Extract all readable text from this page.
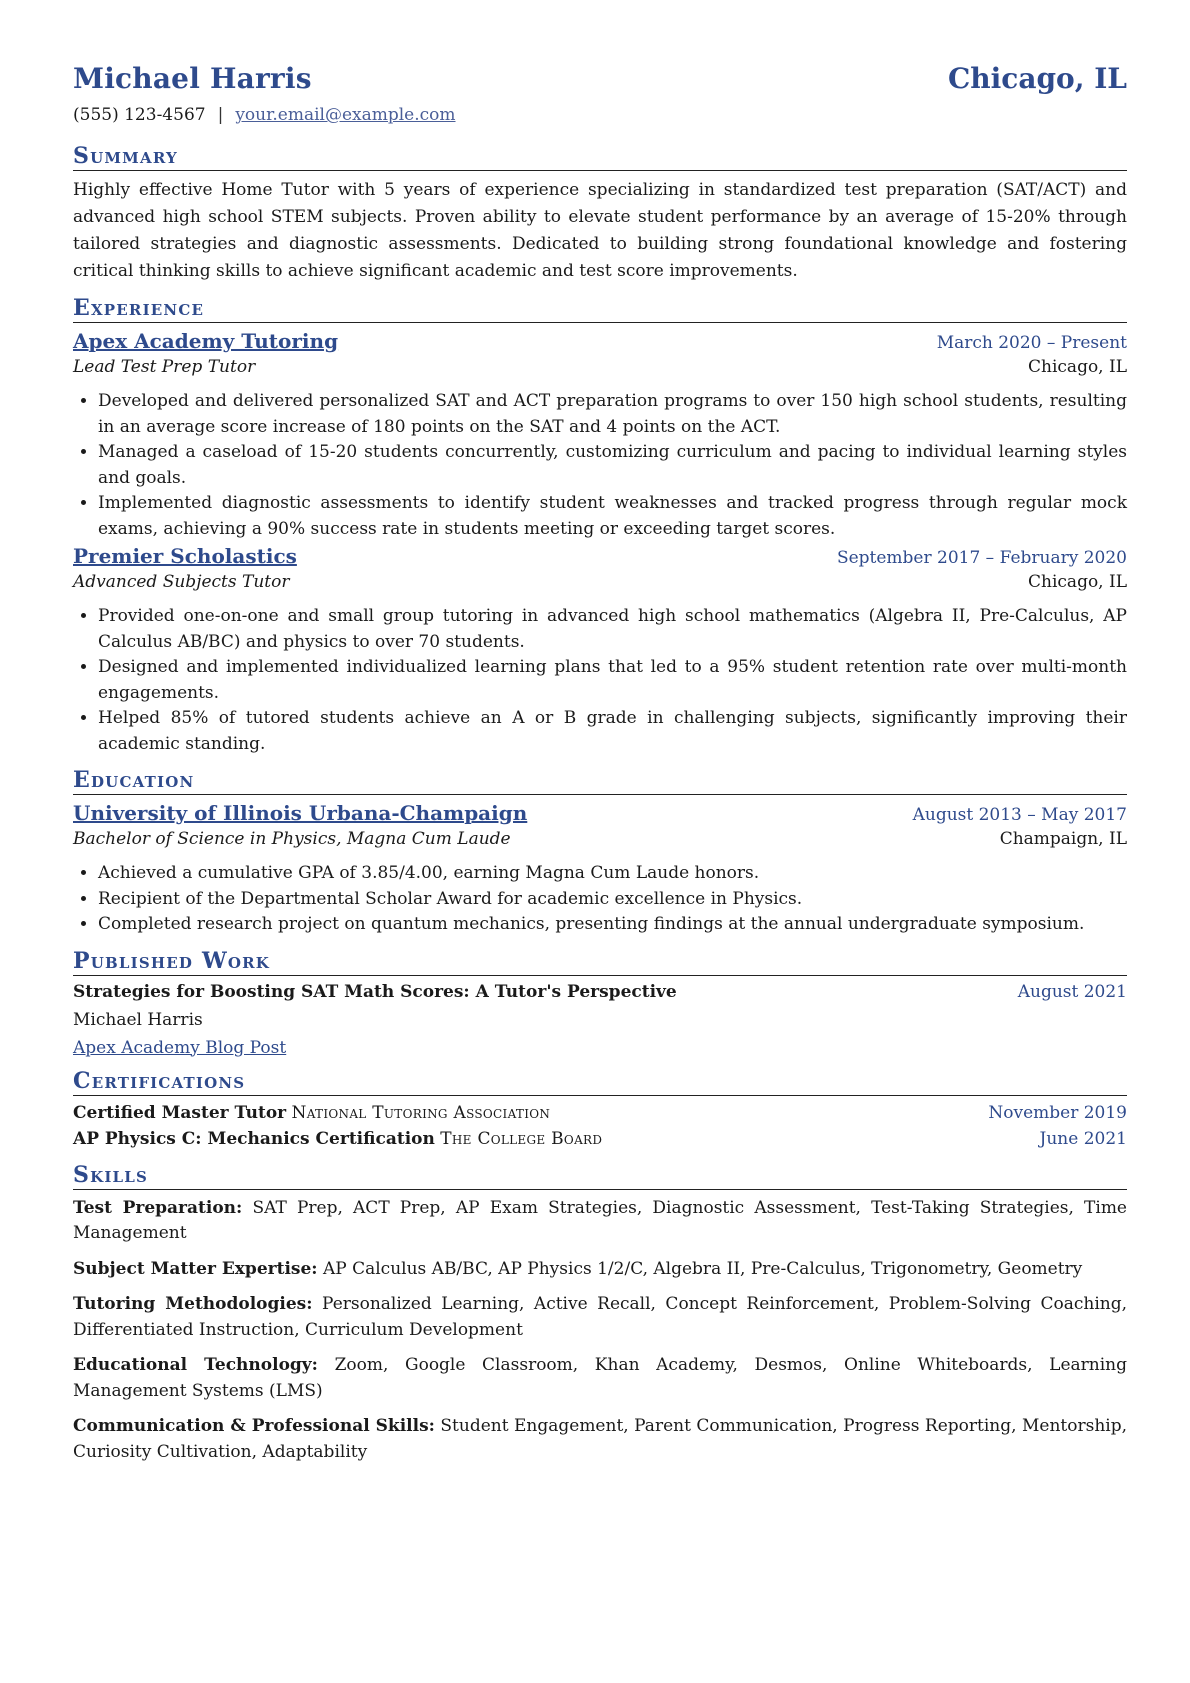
Michael Harris	Chicago, IL
(555) 123-4567 | your.email@example.com
Summary
Highly effective Home Tutor with 5 years of experience specializing in standardized test preparation (SAT/ACT) and advanced high school STEM subjects. Proven ability to elevate student performance by an average of 15-20% through tailored strategies and diagnostic assessments. Dedicated to building strong foundational knowledge and fostering critical thinking skills to achieve significant academic and test score improvements.
Experience
Apex Academy Tutoring	March 2020 – Present
Lead Test Prep Tutor	Chicago, IL
• Developed and delivered personalized SAT and ACT preparation programs to over 150 high school students, resulting in an average score increase of 180 points on the SAT and 4 points on the ACT.
• Managed a caseload of 15-20 students concurrently, customizing curriculum and pacing to individual learning styles and goals.
• Implemented diagnostic assessments to identify student weaknesses and tracked progress through regular mock exams, achieving a 90% success rate in students meeting or exceeding target scores.
Premier Scholastics	September 2017 – February 2020
Advanced Subjects Tutor	Chicago, IL
• Provided one-on-one and small group tutoring in advanced high school mathematics (Algebra II, Pre-Calculus, AP Calculus AB/BC) and physics to over 70 students.
• Designed and implemented individualized learning plans that led to a 95% student retention rate over multi-month engagements.
• Helped 85% of tutored students achieve an A or B grade in challenging subjects, significantly improving their academic standing.
Education
University of Illinois Urbana-Champaign	August 2013 – May 2017
Bachelor of Science in Physics, Magna Cum Laude	Champaign, IL
• Achieved a cumulative GPA of 3.85/4.00, earning Magna Cum Laude honors.
• Recipient of the Departmental Scholar Award for academic excellence in Physics.
• Completed research project on quantum mechanics, presenting findings at the annual undergraduate symposium.
Published Work
Strategies for Boosting SAT Math Scores: A Tutor's Perspective	August 2021
Michael Harris
Apex Academy Blog Post
Certifications
Certified Master Tutor National Tutoring Association	November 2019
AP Physics C: Mechanics Certification The College Board	June 2021
Skills
Test Preparation: SAT Prep, ACT Prep, AP Exam Strategies, Diagnostic Assessment, Test-Taking Strategies, Time Management
Subject Matter Expertise: AP Calculus AB/BC, AP Physics 1/2/C, Algebra II, Pre-Calculus, Trigonometry, Geometry
Tutoring Methodologies: Personalized Learning, Active Recall, Concept Reinforcement, Problem-Solving Coaching, Differentiated Instruction, Curriculum Development
Educational Technology: Zoom, Google Classroom, Khan Academy, Desmos, Online Whiteboards, Learning Management Systems (LMS)
Communication & Professional Skills: Student Engagement, Parent Communication, Progress Reporting, Mentorship, Curiosity Cultivation, Adaptability
